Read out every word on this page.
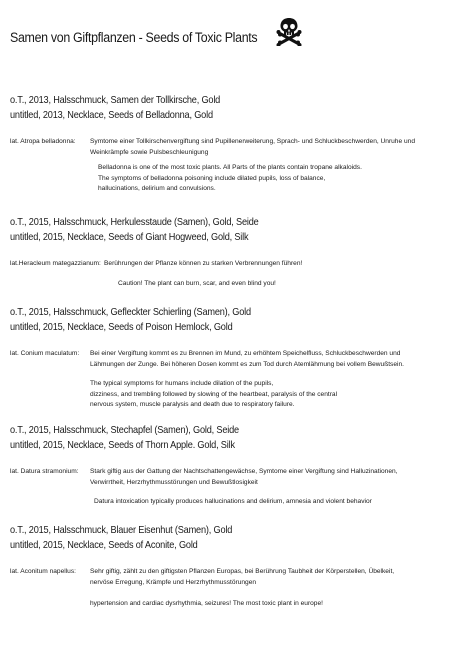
Samen von Giftpflanzen - Seeds of Toxic Plants
o.T., 2013, Halsschmuck, Samen der Tollkirsche, Gold
untitled, 2013, Necklace, Seeds of Belladonna, Gold
lat. Atropa belladonna: Symtome einer Tollkirschenvergiftung sind Pupillenerweiterung, Sprach- und Schluckbeschwerden, Unruhe und
Weinkrämpfe sowie Pulsbeschleunigung
Belladonna is one of the most toxic plants. All Parts of the plants contain tropane alkaloids.
The symptoms of belladonna poisoning include dilated pupils, loss of balance,
hallucinations, delirium and convulsions.
o.T., 2015, Halsschmuck, Herkulesstaude (Samen), Gold, Seide
untitled, 2015, Necklace, Seeds of Giant Hogweed, Gold, Silk
lat.Heracleum mategazzianum: Berührungen der Pflanze können zu starken Verbrennungen führen!
Caution! The plant can burn, scar, and even blind you!
o.T., 2015, Halsschmuck, Gefleckter Schierling (Samen), Gold
untitled, 2015, Necklace, Seeds of Poison Hemlock, Gold
lat. Conium maculatum: Bei einer Vergiftung kommt es zu Brennen im Mund, zu erhöhtem Speichelfluss, Schluckbeschwerden und
Lähmungen der Zunge. Bei höheren Dosen kommt es zum Tod durch Atemlähmung bei vollem Bewußtsein.
The typical symptoms for humans include dilation of the pupils,
dizziness, and trembling followed by slowing of the heartbeat, paralysis of the central
nervous system, muscle paralysis and death due to respiratory failure.
o.T., 2015, Halsschmuck, Stechapfel (Samen), Gold, Seide
untitled, 2015, Necklace, Seeds of Thorn Apple. Gold, Silk
lat. Datura stramonium: Stark giftig aus der Gattung der Nachtschattengewächse, Symtome einer Vergiftung sind Halluzinationen,
Verwirrtheit, Herzrhythmusstörungen und Bewußtlosigkeit
Datura intoxication typically produces hallucinations and delirium, amnesia and violent behavior
o.T., 2015, Halsschmuck, Blauer Eisenhut (Samen), Gold
untitled, 2015, Necklace, Seeds of Aconite, Gold
lat. Aconitum napellus: Sehr giftig, zählt zu den giftigsten Pflanzen Europas, bei Berührung Taubheit der Körperstellen, Übelkeit,
nervöse Erregung, Krämpfe und Herzrhythmusstörungen
hypertension and cardiac dysrhythmia, seizures! The most toxic plant in europe!
